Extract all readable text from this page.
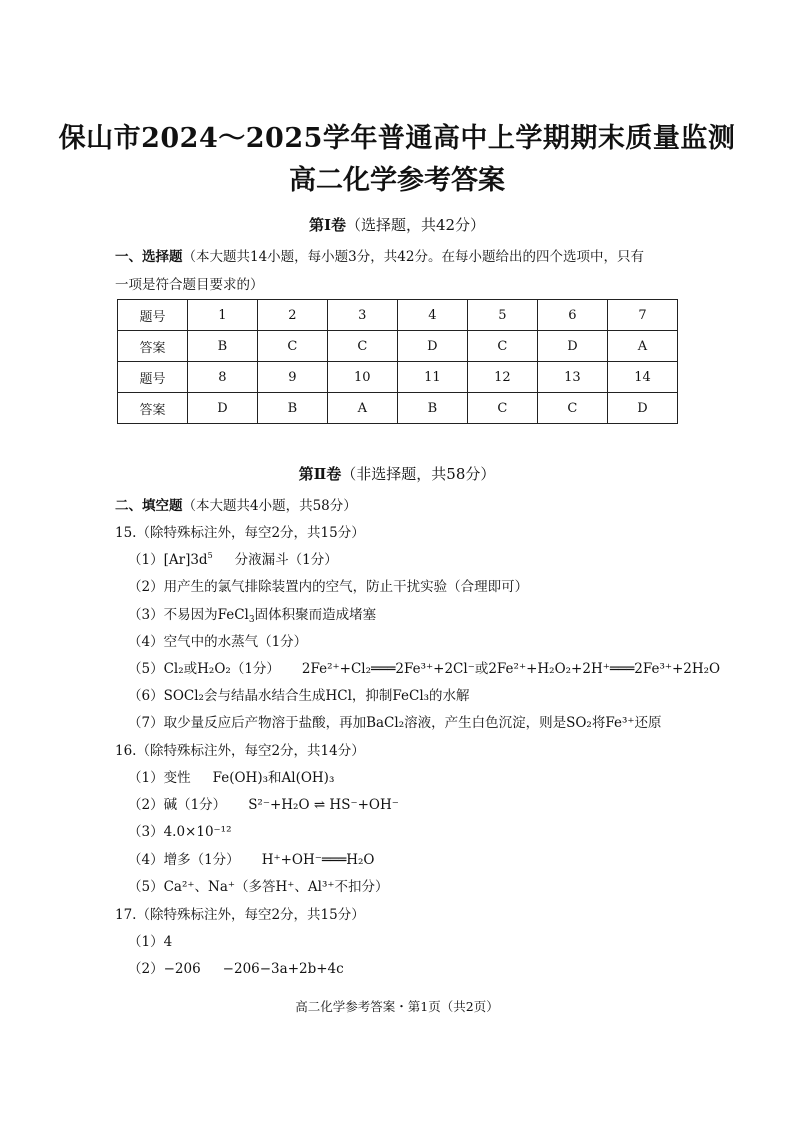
保山市2024～2025学年普通高中上学期期末质量监测
高二化学参考答案
第Ⅰ卷（选择题，共42分）
一、选择题（本大题共14小题，每小题3分，共42分。在每小题给出的四个选项中，只有
一项是符合题目要求的）
题号	1	2	3	4	5	6	7
答案	B	C	C	D	C	D	A
题号	8	9	10	11	12	13	14
答案	D	B	A	B	C	C	D
第Ⅱ卷（非选择题，共58分）
二、填空题（本大题共4小题，共58分）
15.（除特殊标注外，每空2分，共15分）
$(1)[Ar]3d^5$ 分液漏斗（1分）
（2）用产生的氯气排除装置内的空气，防止干扰实验（合理即可）
（3）不易因为FeCl$_3$固体积聚而造成堵塞
（4）空气中的水蒸气（1分）
（5）Cl₂或H₂O₂（1分） 2Fe²⁺+Cl₂═══2Fe³⁺+2Cl⁻或2Fe²⁺+H₂O₂+2H⁺═══2Fe³⁺+2H₂O
（6）SOCl₂会与结晶水结合生成HCl，抑制FeCl₃的水解
（7）取少量反应后产物溶于盐酸，再加BaCl₂溶液，产生白色沉淀，则是SO₂将Fe³⁺还原
16.（除特殊标注外，每空2分，共14分）
（1）变性 Fe(OH)₃和Al(OH)₃
（2）碱（1分） S²⁻+H₂O ⇌ HS⁻+OH⁻
（3）4.0×10⁻¹²
（4）增多（1分） H⁺+OH⁻═══H₂O
（5）Ca²⁺、Na⁺（多答H⁺、Al³⁺不扣分）
17.（除特殊标注外，每空2分，共15分）
（1）4
（2）−206 −206−3a+2b+4c
高二化学参考答案・第1页（共2页）
